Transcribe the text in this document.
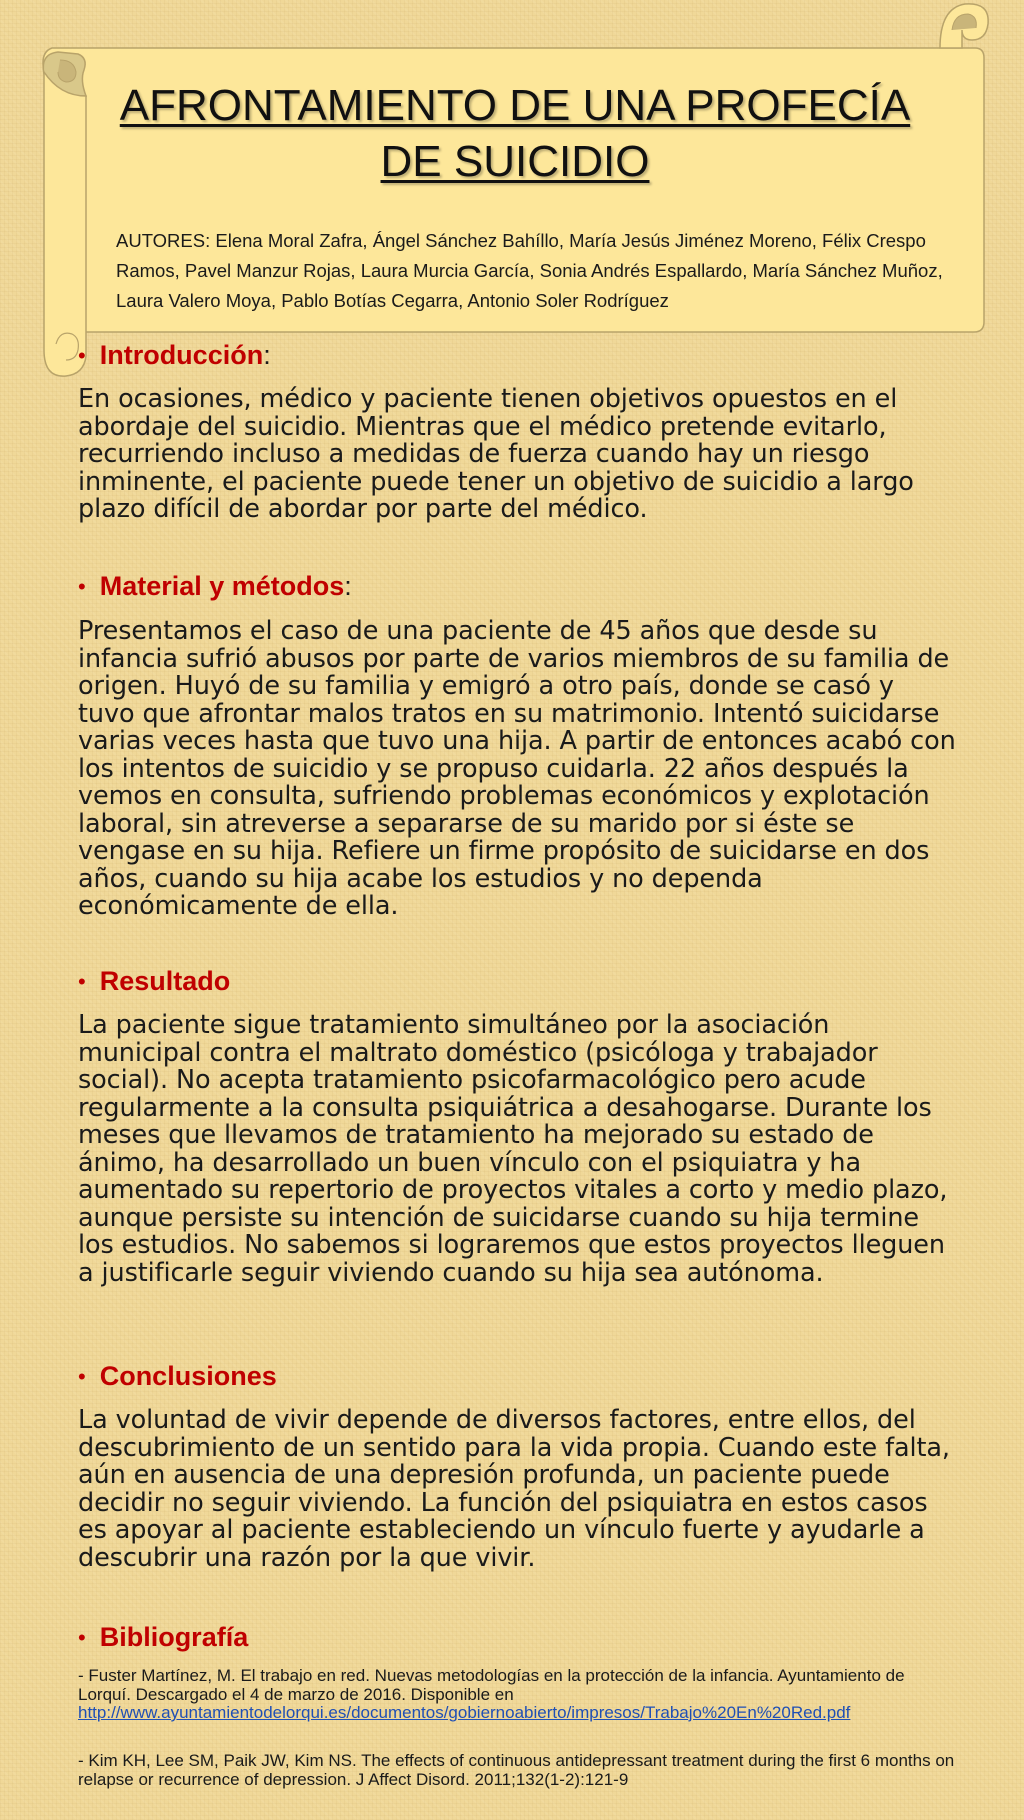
AFRONTAMIENTO DE UNA PROFECÍA DE SUICIDIO

AUTORES: Elena Moral Zafra, Ángel Sánchez Bahíllo, María Jesús Jiménez Moreno, Félix Crespo Ramos, Pavel Manzur Rojas, Laura Murcia García, Sonia Andrés Espallardo, María Sánchez Muñoz, Laura Valero Moya, Pablo Botías Cegarra, Antonio Soler Rodríguez

• Introducción :

En ocasiones, médico y paciente tienen objetivos opuestos en el abordaje del suicidio. Mientras que el médico pretende evitarlo, recurriendo incluso a medidas de fuerza cuando hay un riesgo inminente, el paciente puede tener un objetivo de suicidio a largo plazo difícil de abordar por parte del médico.

• Material y métodos :

Presentamos el caso de una paciente de 45 años que desde su infancia sufrió abusos por parte de varios miembros de su familia de origen. Huyó de su familia y emigró a otro país, donde se casó y tuvo que afrontar malos tratos en su matrimonio. Intentó suicidarse varias veces hasta que tuvo una hija. A partir de entonces acabó con los intentos de suicidio y se propuso cuidarla. 22 años después la vemos en consulta, sufriendo problemas económicos y explotación laboral, sin atreverse a separarse de su marido por si éste se vengase en su hija. Refiere un firme propósito de suicidarse en dos años, cuando su hija acabe los estudios y no dependa económicamente de ella.

• Resultado

La paciente sigue tratamiento simultáneo por la asociación municipal contra el maltrato doméstico (psicóloga y trabajador social). No acepta tratamiento psicofarmacológico pero acude regularmente a la consulta psiquiátrica a desahogarse. Durante los meses que llevamos de tratamiento ha mejorado su estado de ánimo, ha desarrollado un buen vínculo con el psiquiatra y ha aumentado su repertorio de proyectos vitales a corto y medio plazo, aunque persiste su intención de suicidarse cuando su hija termine los estudios. No sabemos si lograremos que estos proyectos lleguen a justificarle seguir viviendo cuando su hija sea autónoma.

• Conclusiones

La voluntad de vivir depende de diversos factores, entre ellos, del descubrimiento de un sentido para la vida propia. Cuando este falta, aún en ausencia de una depresión profunda, un paciente puede decidir no seguir viviendo. La función del psiquiatra en estos casos es apoyar al paciente estableciendo un vínculo fuerte y ayudarle a descubrir una razón por la que vivir.

• Bibliografía

- Fuster Martínez, M. El trabajo en red. Nuevas metodologías en la protección de la infancia. Ayuntamiento de Lorquí. Descargado el 4 de marzo de 2016. Disponible en
http://www.ayuntamientodelorqui.es/documentos/gobiernoabierto/impresos/Trabajo%20En%20Red.pdf

- Kim KH, Lee SM, Paik JW, Kim NS. The effects of continuous antidepressant treatment during the first 6 months on relapse or recurrence of depression. J Affect Disord. 2011;132(1-2):121-9
